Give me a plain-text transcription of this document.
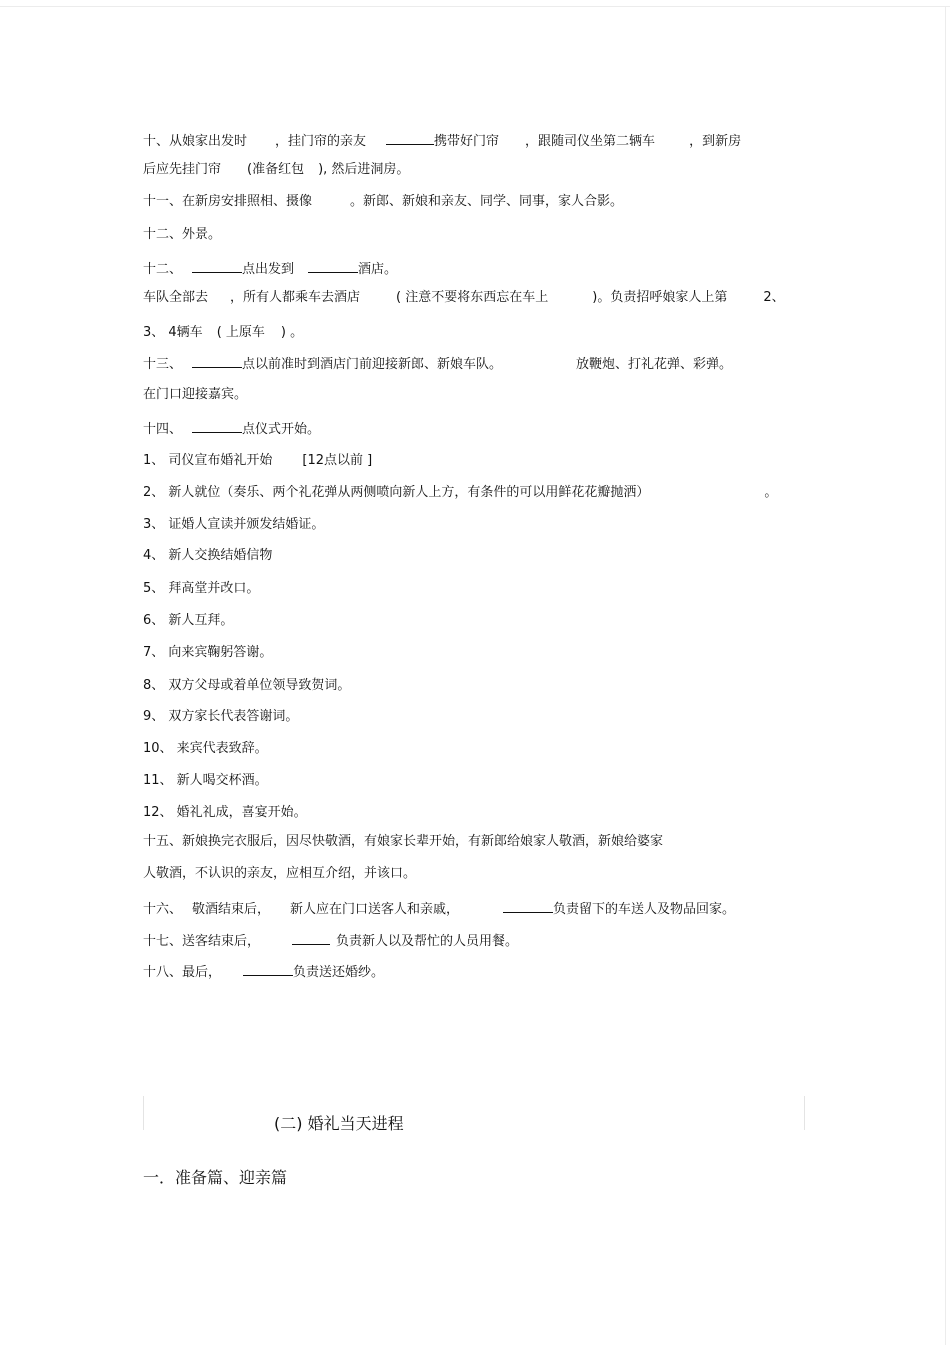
十、从娘家出发时 ，挂门帘的亲友	携带好门帘 ，跟随司仪坐第二辆车	，到新房
后应先挂门帘 (准备红包 ), 然后进洞房。
十一、在新房安排照相、摄像	。新郎、新娘和亲友、同学、同事，家人合影。
十二、外景。
十二、	点出发到	酒店。
车队全部去 ，所有人都乘车去酒店	( 注意不要将东西忘在车上	)。负责招呼娘家人上第	2、
3、 4辆车 ( 上原车 ) 。
十三、	点以前准时到酒店门前迎接新郎、新娘车队。	放鞭炮、打礼花弹、彩弹。
在门口迎接嘉宾。
十四、	点仪式开始。
1、 司仪宣布婚礼开始 [12点以前 ]
2、 新人就位（奏乐、两个礼花弹从两侧喷向新人上方，有条件的可以用鲜花花瓣抛洒）	。
3、 证婚人宣读并颁发结婚证。
4、 新人交换结婚信物
5、 拜高堂并改口。
6、 新人互拜。
7、 向来宾鞠躬答谢。
8、 双方父母或着单位领导致贺词。
9、 双方家长代表答谢词。
10、 来宾代表致辞。
11、 新人喝交杯酒。
12、 婚礼礼成，喜宴开始。
十五、新娘换完衣服后，因尽快敬酒，有娘家长辈开始，有新郎给娘家人敬酒，新娘给婆家
人敬酒，不认识的亲友，应相互介绍，并该口。
十六、 敬酒结束后， 新人应在门口送客人和亲戚，	负责留下的车送人及物品回家。
十七、送客结束后，	负责新人以及帮忙的人员用餐。
十八、最后，	负责送还婚纱。
(二) 婚礼当天进程
一．准备篇、迎亲篇
